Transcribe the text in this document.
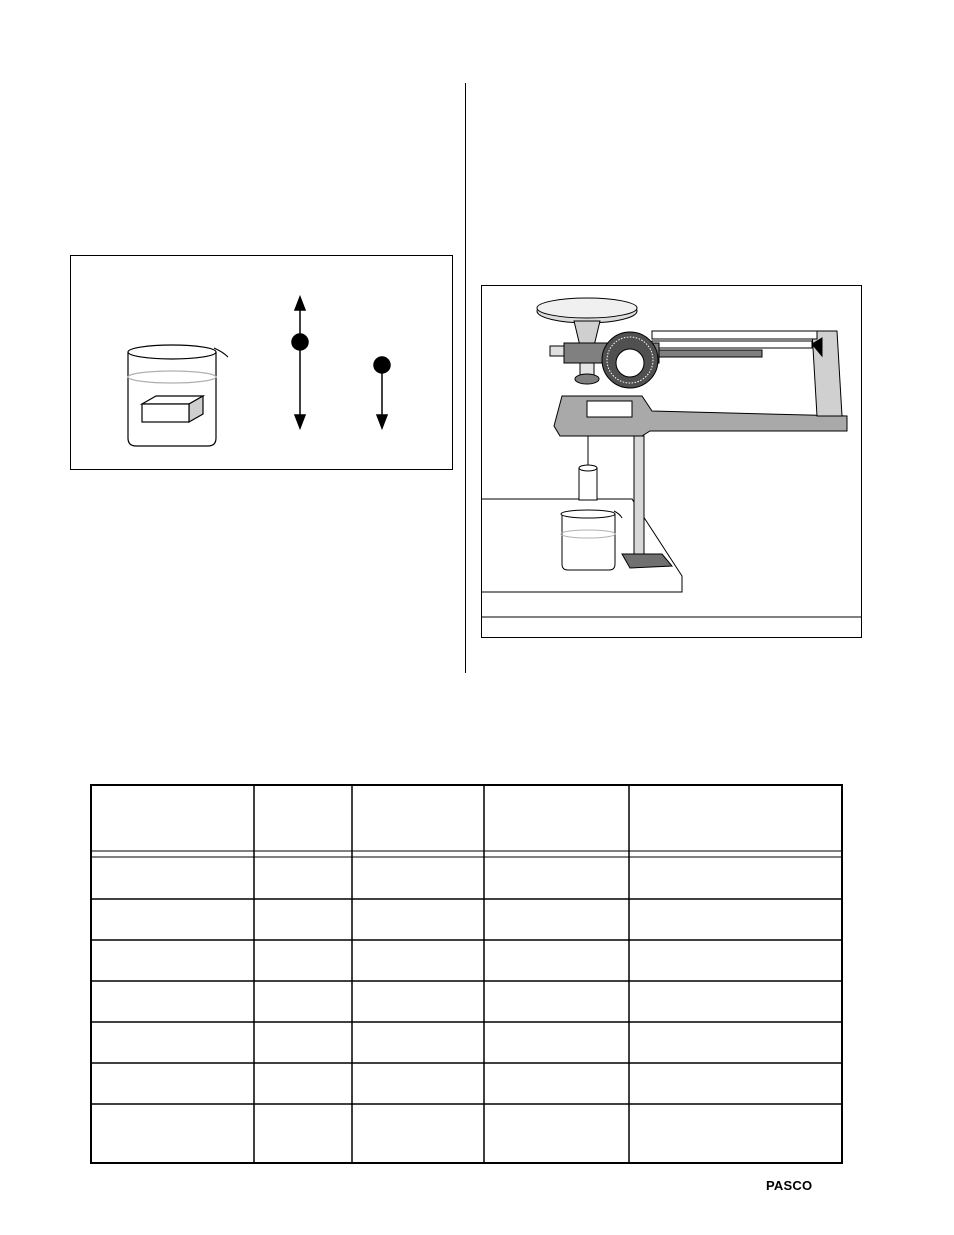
PASCO
